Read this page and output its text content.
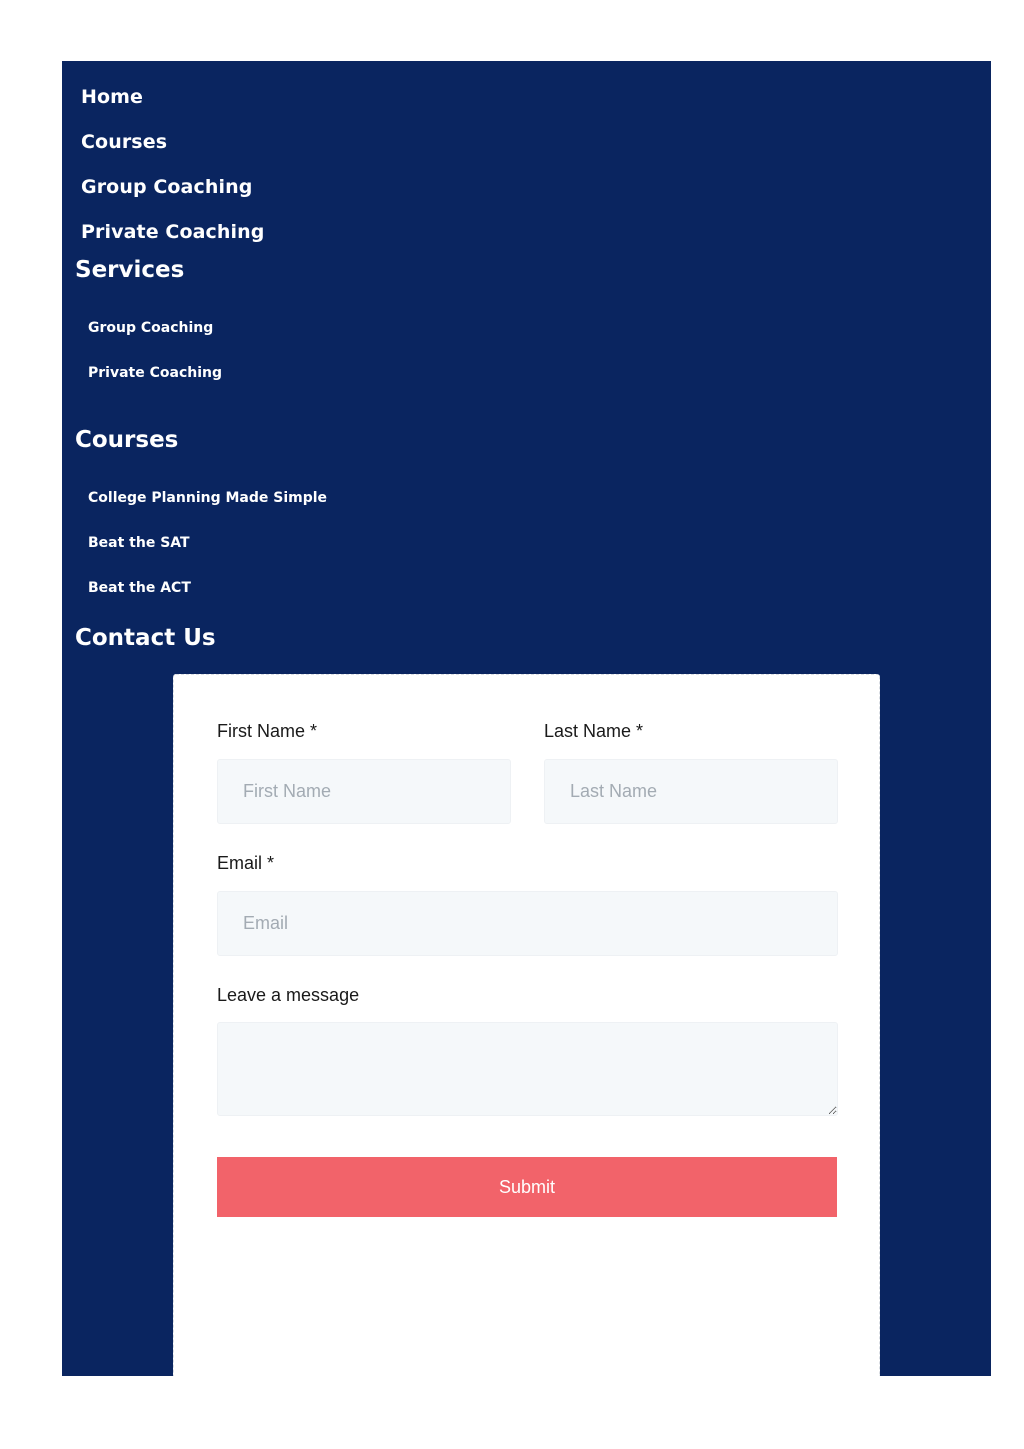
Home
Courses
Group Coaching
Private Coaching
Services
Group Coaching
Private Coaching
Courses
College Planning Made Simple
Beat the SAT
Beat the ACT
Contact Us
First Name *
First Name	Last Name *
Last Name
Email *
Email
Leave a message
Submit
